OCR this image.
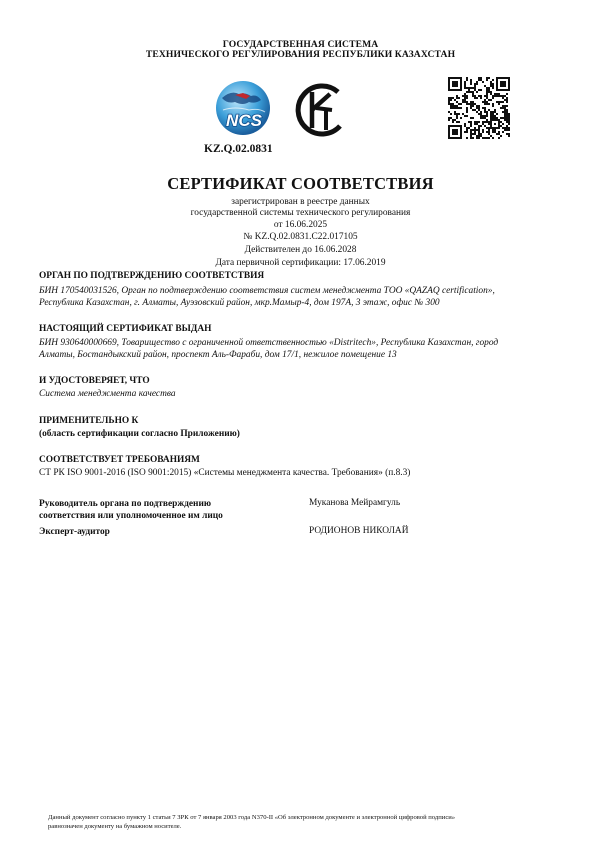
ГОСУДАРСТВЕННАЯ СИСТЕМА
ТЕХНИЧЕСКОГО РЕГУЛИРОВАНИЯ РЕСПУБЛИКИ КАЗАХСТАН
NCS
KZ.Q.02.0831
СЕРТИФИКАТ СООТВЕТСТВИЯ
зарегистрирован в реестре данных
государственной системы технического регулирования
от 16.06.2025
№ KZ.Q.02.0831.C22.017105
Действителен до 16.06.2028
Дата первичной сертификации: 17.06.2019
ОРГАН ПО ПОДТВЕРЖДЕНИЮ СООТВЕТСТВИЯ
БИН 170540031526, Орган по подтверждению соответствия систем менеджмента ТОО «QAZAQ certification»,
Республика Казахстан, г. Алматы, Ауэзовский район, мкр.Мамыр-4, дом 197А, 3 этаж, офис № 300
НАСТОЯЩИЙ СЕРТИФИКАТ ВЫДАН
БИН 930640000669, Товарищество с ограниченной ответственностью «Distritech», Республика Казахстан, город
Алматы, Бостандыкский район, проспект Аль-Фараби, дом 17/1, нежилое помещение 13
И УДОСТОВЕРЯЕТ, ЧТО
Система менеджмента качества
ПРИМЕНИТЕЛЬНО К
(область сертификации согласно Приложению)
СООТВЕТСТВУЕТ ТРЕБОВАНИЯМ
СТ РК ISO 9001-2016 (ISO 9001:2015) «Системы менеджмента качества. Требования» (п.8.3)
Руководитель органа по подтверждению
соответствия или уполномоченное им лицо
Муканова Мейрамгуль
Эксперт-аудитор	РОДИОНОВ НИКОЛАЙ
Данный документ согласно пункту 1 статьи 7 ЗРК от 7 января 2003 года N370-II «Об электронном документе и электронной цифровой подписи»
равнозначен документу на бумажном носителе.
